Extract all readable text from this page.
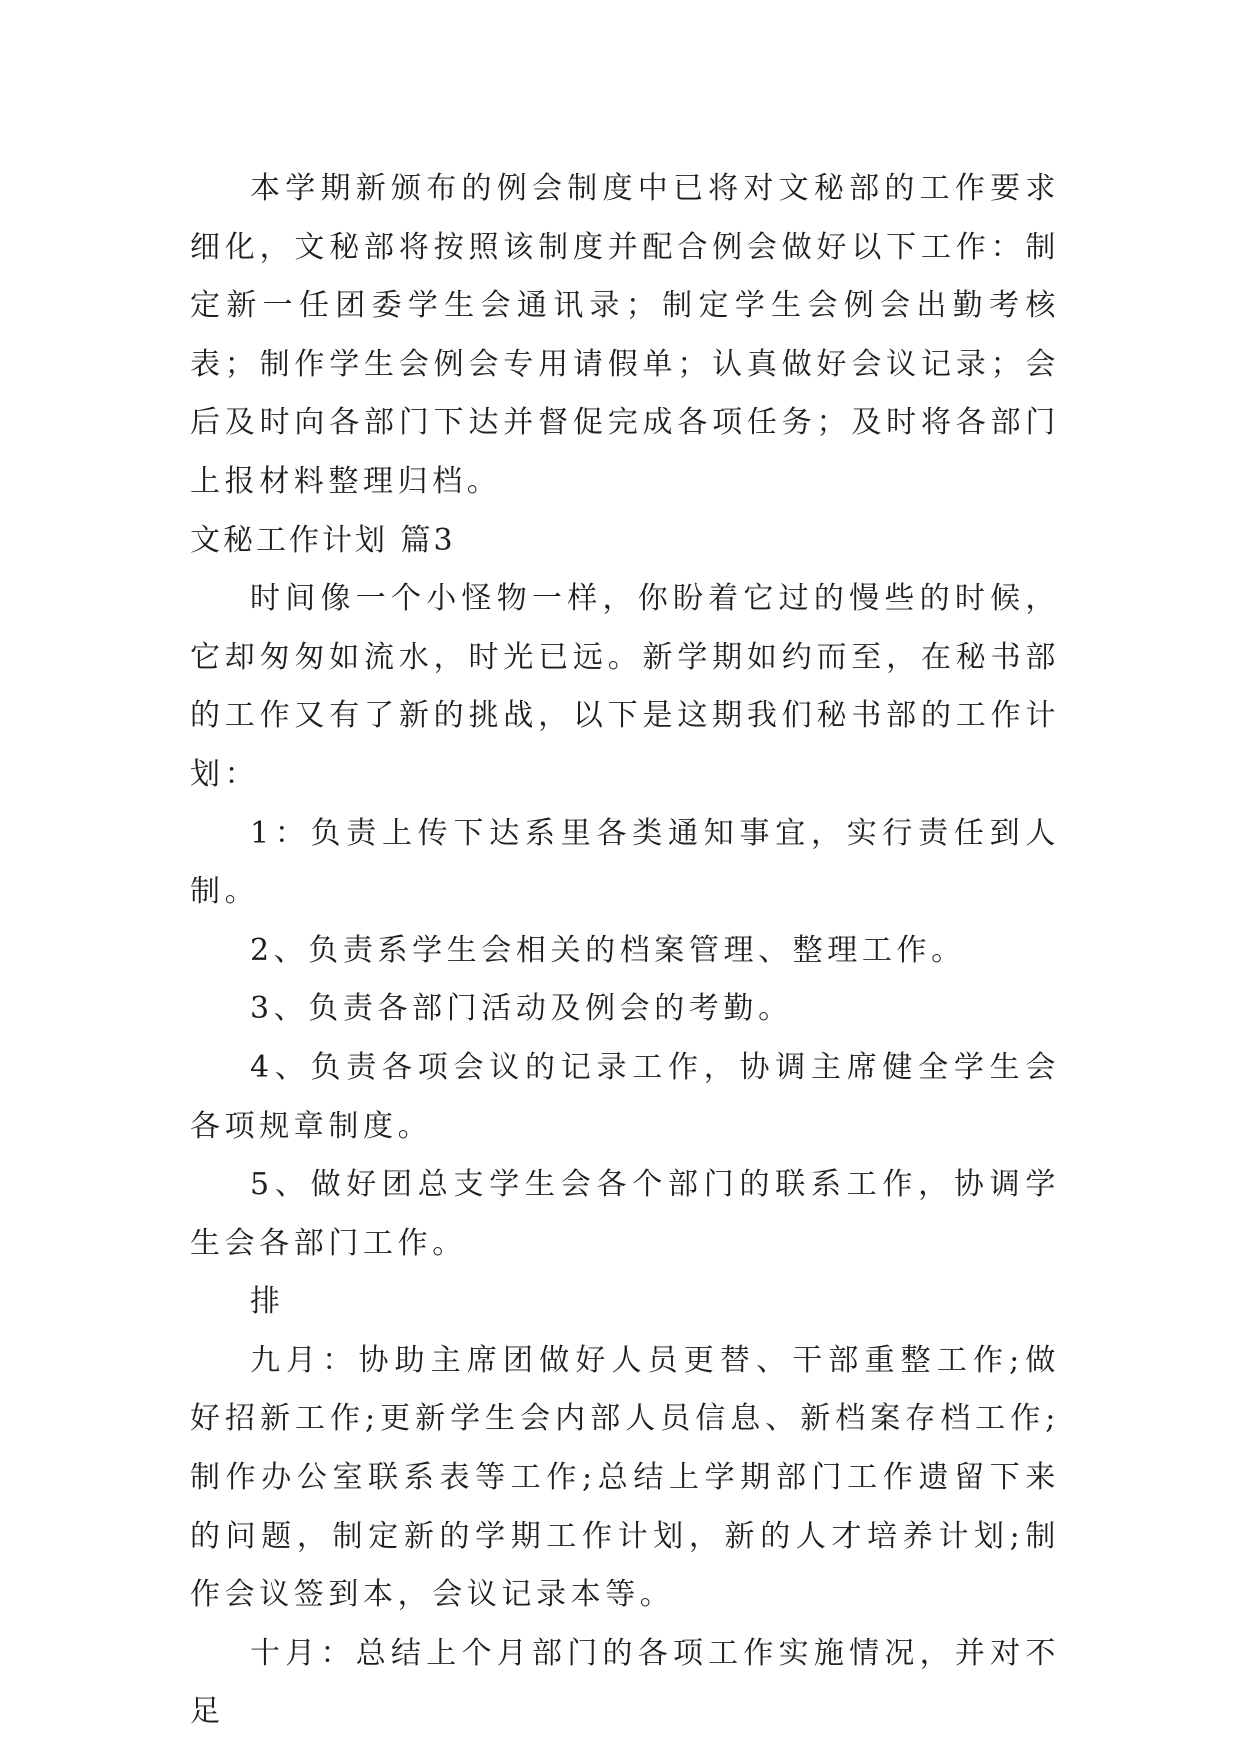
本学期新颁布的例会制度中已将对文秘部的工作要求细化，文秘部将按照该制度并配合例会做好以下工作：制定新一任团委学生会通讯录；制定学生会例会出勤考核表；制作学生会例会专用请假单；认真做好会议记录；会后及时向各部门下达并督促完成各项任务；及时将各部门上报材料整理归档。

文秘工作计划 篇3

时间像一个小怪物一样，你盼着它过的慢些的时候，它却匆匆如流水，时光已远。新学期如约而至，在秘书部的工作又有了新的挑战，以下是这期我们秘书部的工作计划：

1：负责上传下达系里各类通知事宜，实行责任到人制。

2、负责系学生会相关的档案管理、整理工作。

3、负责各部门活动及例会的考勤。

4、负责各项会议的记录工作，协调主席健全学生会各项规章制度。

5、做好团总支学生会各个部门的联系工作，协调学生会各部门工作。

排

九月：协助主席团做好人员更替、干部重整工作;做好招新工作;更新学生会内部人员信息、新档案存档工作;制作办公室联系表等工作;总结上学期部门工作遗留下来的问题，制定新的学期工作计划，新的人才培养计划;制作会议签到本，会议记录本等。

十月：总结上个月部门的各项工作实施情况，并对不足
